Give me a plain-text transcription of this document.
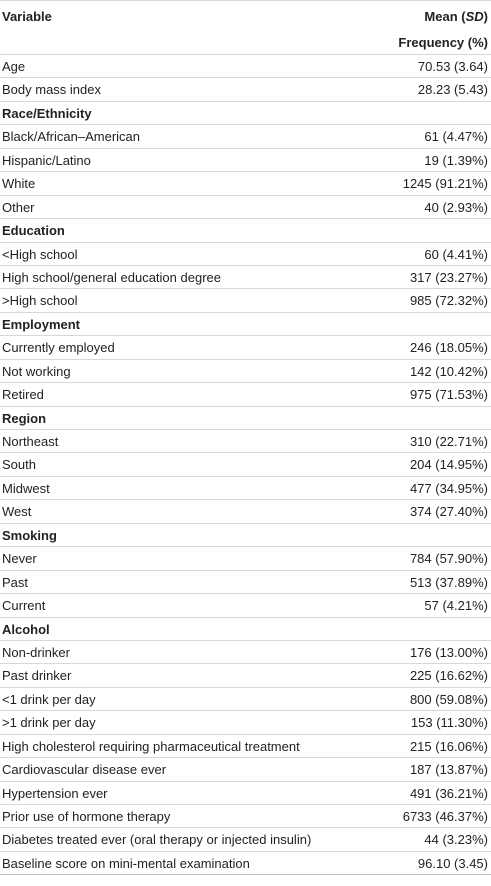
Variable	Mean (SD)
Frequency (%)
Age	70.53 (3.64)
Body mass index	28.23 (5.43)
Race/Ethnicity
Black/African–American	61 (4.47%)
Hispanic/Latino	19 (1.39%)
White	1245 (91.21%)
Other	40 (2.93%)
Education
<High school	60 (4.41%)
High school/general education degree	317 (23.27%)
>High school	985 (72.32%)
Employment
Currently employed	246 (18.05%)
Not working	142 (10.42%)
Retired	975 (71.53%)
Region
Northeast	310 (22.71%)
South	204 (14.95%)
Midwest	477 (34.95%)
West	374 (27.40%)
Smoking
Never	784 (57.90%)
Past	513 (37.89%)
Current	57 (4.21%)
Alcohol
Non-drinker	176 (13.00%)
Past drinker	225 (16.62%)
<1 drink per day	800 (59.08%)
>1 drink per day	153 (11.30%)
High cholesterol requiring pharmaceutical treatment	215 (16.06%)
Cardiovascular disease ever	187 (13.87%)
Hypertension ever	491 (36.21%)
Prior use of hormone therapy	6733 (46.37%)
Diabetes treated ever (oral therapy or injected insulin)	44 (3.23%)
Baseline score on mini-mental examination	96.10 (3.45)
